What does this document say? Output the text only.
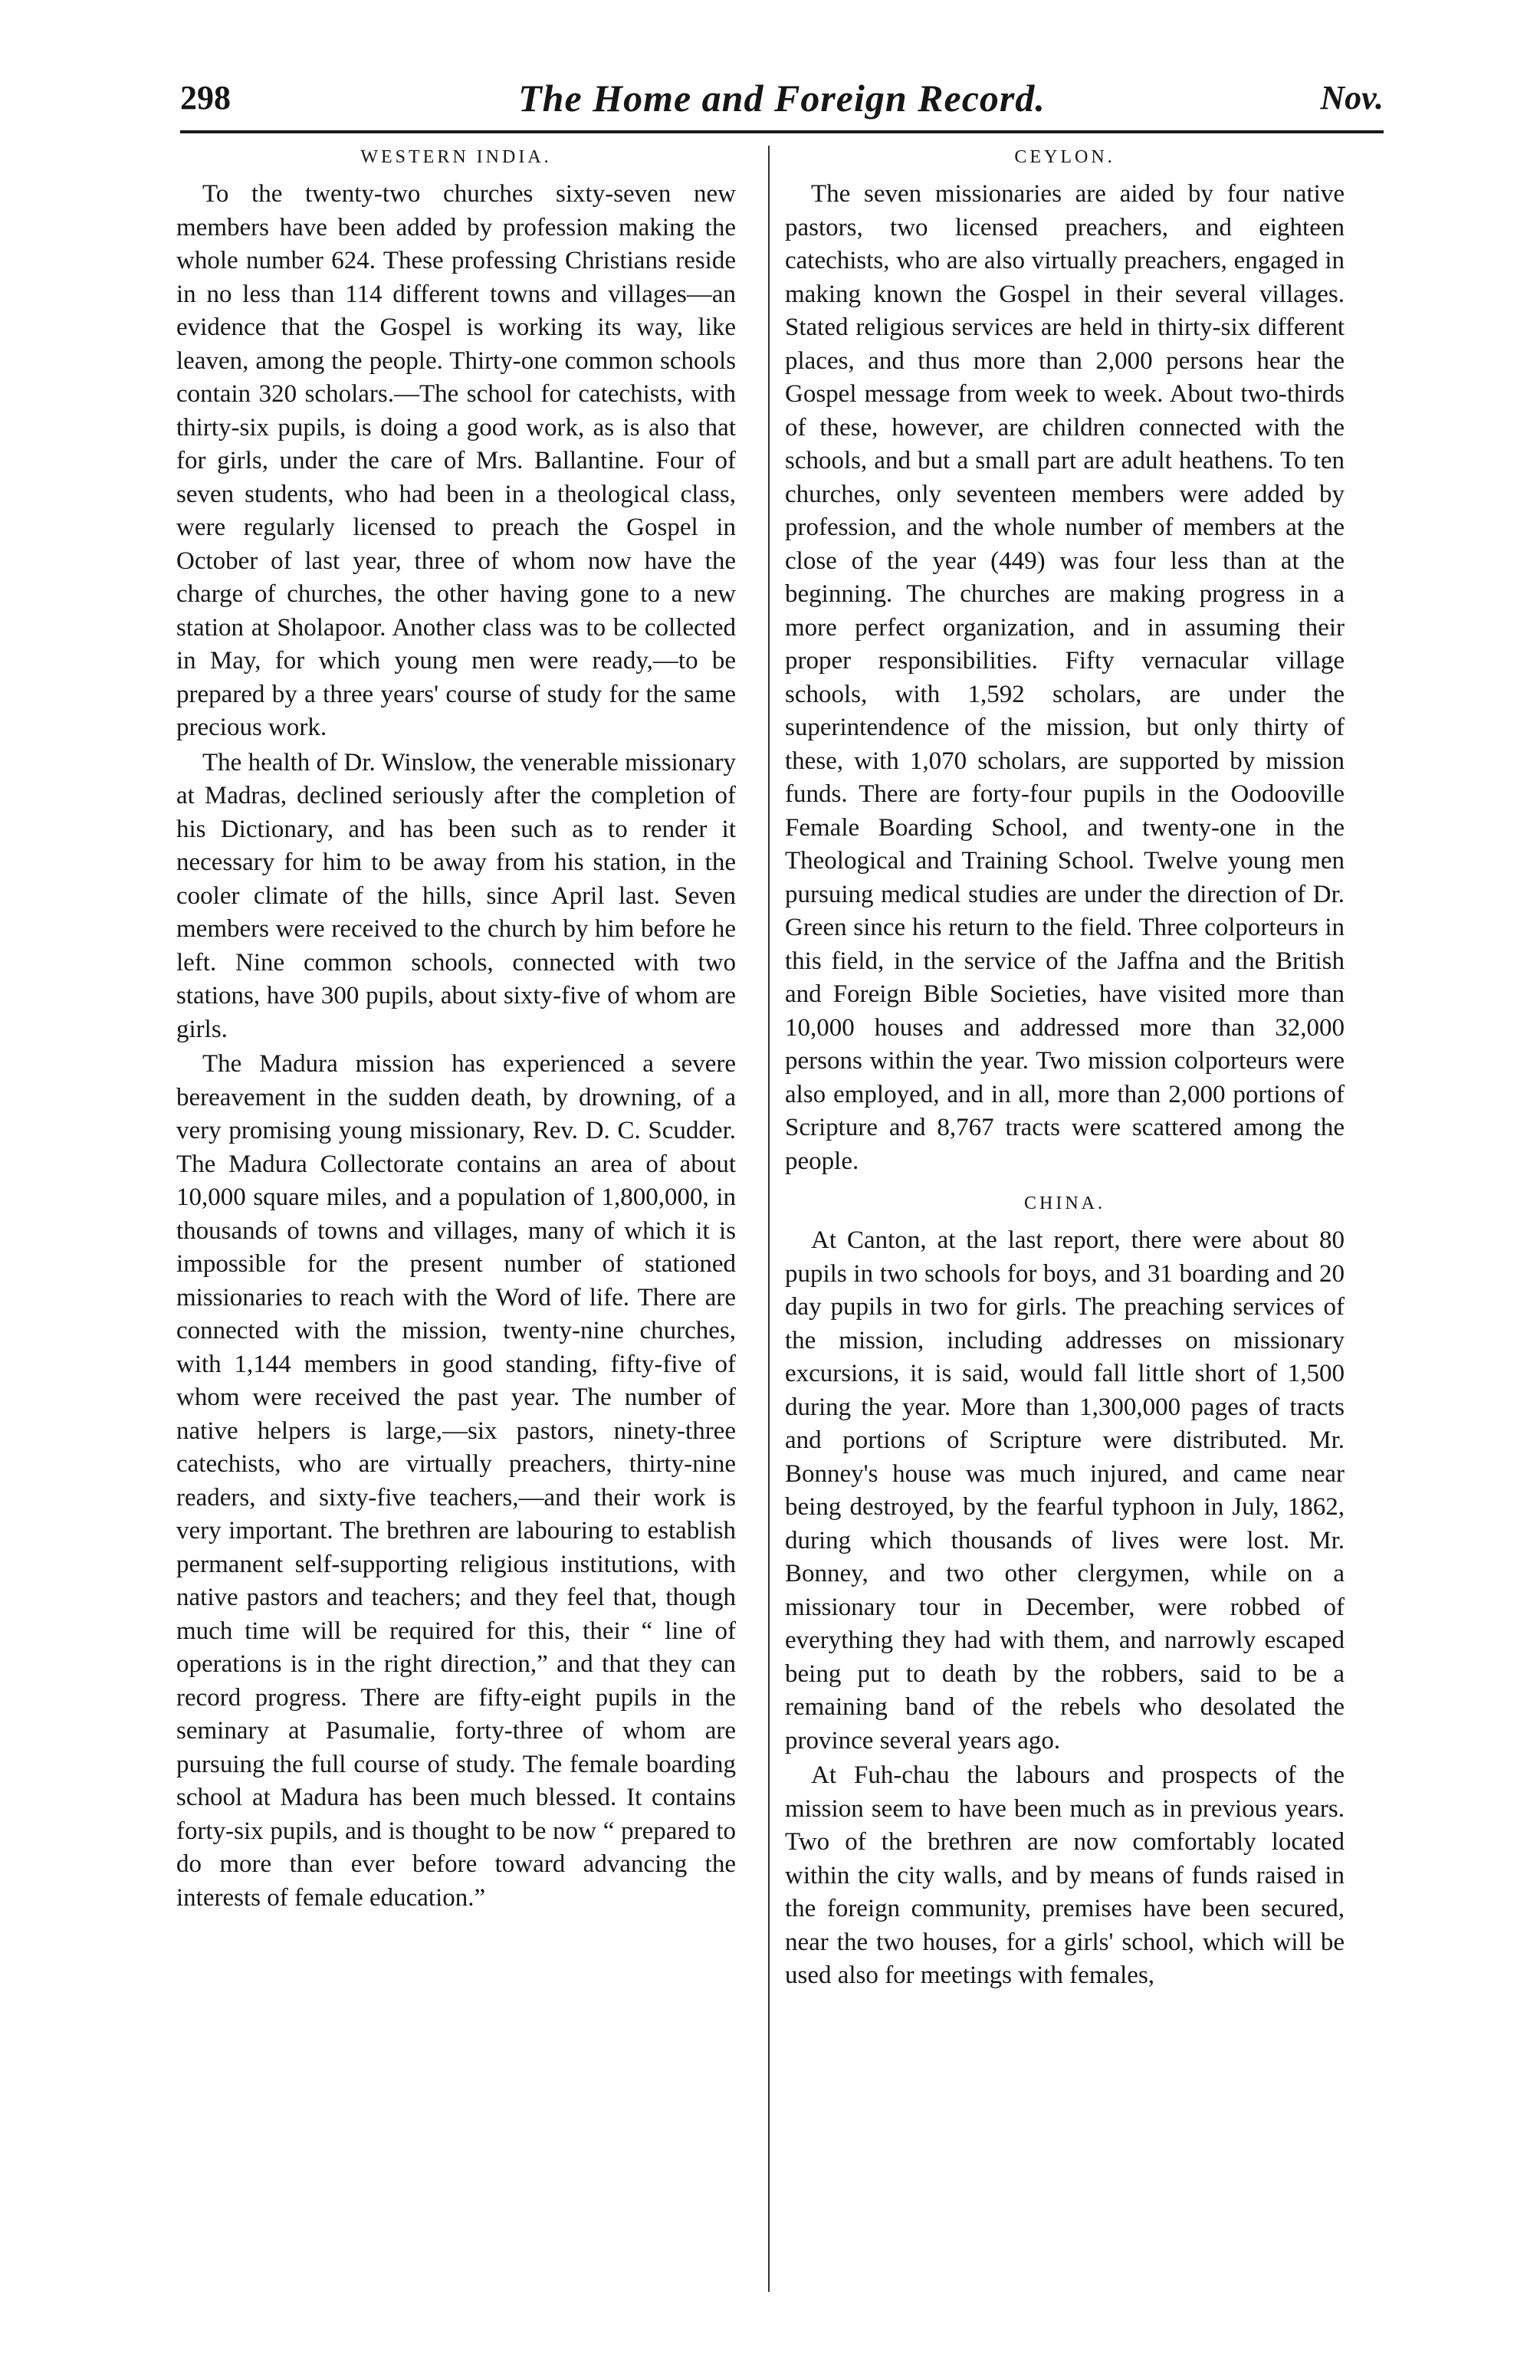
298	The Home and Foreign Record.	Nov.
WESTERN INDIA.

To the twenty-two churches sixty-seven new members have been added by profession making the whole number 624. These professing Christians reside in no less than 114 different towns and villages—an evidence that the Gospel is working its way, like leaven, among the people. Thirty-one common schools contain 320 scholars.—The school for catechists, with thirty-six pupils, is doing a good work, as is also that for girls, under the care of Mrs. Ballantine. Four of seven students, who had been in a theological class, were regularly licensed to preach the Gospel in October of last year, three of whom now have the charge of churches, the other having gone to a new station at Sholapoor. Another class was to be collected in May, for which young men were ready,—to be prepared by a three years' course of study for the same precious work.

The health of Dr. Winslow, the venerable missionary at Madras, declined seriously after the completion of his Dictionary, and has been such as to render it necessary for him to be away from his station, in the cooler climate of the hills, since April last. Seven members were received to the church by him before he left. Nine common schools, connected with two stations, have 300 pupils, about sixty-five of whom are girls.

The Madura mission has experienced a severe bereavement in the sudden death, by drowning, of a very promising young missionary, Rev. D. C. Scudder. The Madura Collectorate contains an area of about 10,000 square miles, and a population of 1,800,000, in thousands of towns and villages, many of which it is impossible for the present number of stationed missionaries to reach with the Word of life. There are connected with the mission, twenty-nine churches, with 1,144 members in good standing, fifty-five of whom were received the past year. The number of native helpers is large,—six pastors, ninety-three catechists, who are virtually preachers, thirty-nine readers, and sixty-five teachers,—and their work is very important. The brethren are labouring to establish permanent self-supporting religious institutions, with native pastors and teachers; and they feel that, though much time will be required for this, their “ line of operations is in the right direction,” and that they can record progress. There are fifty-eight pupils in the seminary at Pasumalie, forty-three of whom are pursuing the full course of study. The female boarding school at Madura has been much blessed. It contains forty-six pupils, and is thought to be now “ prepared to do more than ever before toward advancing the interests of female education.”

CEYLON.

The seven missionaries are aided by four native pastors, two licensed preachers, and eighteen catechists, who are also virtually preachers, engaged in making known the Gospel in their several villages. Stated religious services are held in thirty-six different places, and thus more than 2,000 persons hear the Gospel message from week to week. About two-thirds of these, however, are children connected with the schools, and but a small part are adult heathens. To ten churches, only seventeen members were added by profession, and the whole number of members at the close of the year (449) was four less than at the beginning. The churches are making progress in a more perfect organization, and in assuming their proper responsibilities. Fifty vernacular village schools, with 1,592 scholars, are under the superintendence of the mission, but only thirty of these, with 1,070 scholars, are supported by mission funds. There are forty-four pupils in the Oodooville Female Boarding School, and twenty-one in the Theological and Training School. Twelve young men pursuing medical studies are under the direction of Dr. Green since his return to the field. Three colporteurs in this field, in the service of the Jaffna and the British and Foreign Bible Societies, have visited more than 10,000 houses and addressed more than 32,000 persons within the year. Two mission colporteurs were also employed, and in all, more than 2,000 portions of Scripture and 8,767 tracts were scattered among the people.

CHINA.

At Canton, at the last report, there were about 80 pupils in two schools for boys, and 31 boarding and 20 day pupils in two for girls. The preaching services of the mission, including addresses on missionary excursions, it is said, would fall little short of 1,500 during the year. More than 1,300,000 pages of tracts and portions of Scripture were distributed. Mr. Bonney's house was much injured, and came near being destroyed, by the fearful typhoon in July, 1862, during which thousands of lives were lost. Mr. Bonney, and two other clergymen, while on a missionary tour in December, were robbed of everything they had with them, and narrowly escaped being put to death by the robbers, said to be a remaining band of the rebels who desolated the province several years ago.

At Fuh-chau the labours and prospects of the mission seem to have been much as in previous years. Two of the brethren are now comfortably located within the city walls, and by means of funds raised in the foreign community, premises have been secured, near the two houses, for a girls' school, which will be used also for meetings with females,
